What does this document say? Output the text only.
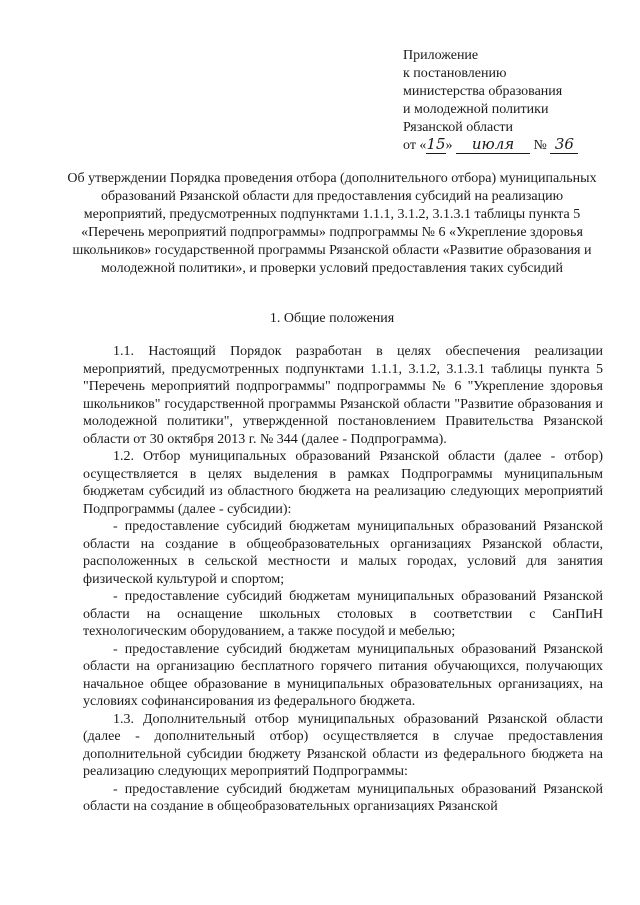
Приложение
к постановлению
министерства образования
и молодежной политики
Рязанской области
от «15» июля № 36
Об утверждении Порядка проведения отбора (дополнительного отбора) муниципальных образований Рязанской области для предоставления субсидий на реализацию мероприятий, предусмотренных подпунктами 1.1.1, 3.1.2, 3.1.3.1 таблицы пункта 5 «Перечень мероприятий подпрограммы» подпрограммы № 6 «Укрепление здоровья школьников» государственной программы Рязанской области «Развитие образования и молодежной политики», и проверки условий предоставления таких субсидий
1. Общие положения

1.1. Настоящий Порядок разработан в целях обеспечения реализации мероприятий, предусмотренных подпунктами 1.1.1, 3.1.2, 3.1.3.1 таблицы пункта 5 "Перечень мероприятий подпрограммы" подпрограммы № 6 "Укрепление здоровья школьников" государственной программы Рязанской области "Развитие образования и молодежной политики", утвержденной постановлением Правительства Рязанской области от 30 октября 2013 г. № 344 (далее - Подпрограмма).

1.2. Отбор муниципальных образований Рязанской области (далее - отбор) осуществляется в целях выделения в рамках Подпрограммы муниципальным бюджетам субсидий из областного бюджета на реализацию следующих мероприятий Подпрограммы (далее - субсидии):

- предоставление субсидий бюджетам муниципальных образований Рязанской области на создание в общеобразовательных организациях Рязанской области, расположенных в сельской местности и малых городах, условий для занятия физической культурой и спортом;

- предоставление субсидий бюджетам муниципальных образований Рязанской области на оснащение школьных столовых в соответствии с СанПиН технологическим оборудованием, а также посудой и мебелью;

- предоставление субсидий бюджетам муниципальных образований Рязанской области на организацию бесплатного горячего питания обучающихся, получающих начальное общее образование в муниципальных образовательных организациях, на условиях софинансирования из федерального бюджета.

1.3. Дополнительный отбор муниципальных образований Рязанской области (далее - дополнительный отбор) осуществляется в случае предоставления дополнительной субсидии бюджету Рязанской области из федерального бюджета на реализацию следующих мероприятий Подпрограммы:

- предоставление субсидий бюджетам муниципальных образований Рязанской области на создание в общеобразовательных организациях Рязанской
